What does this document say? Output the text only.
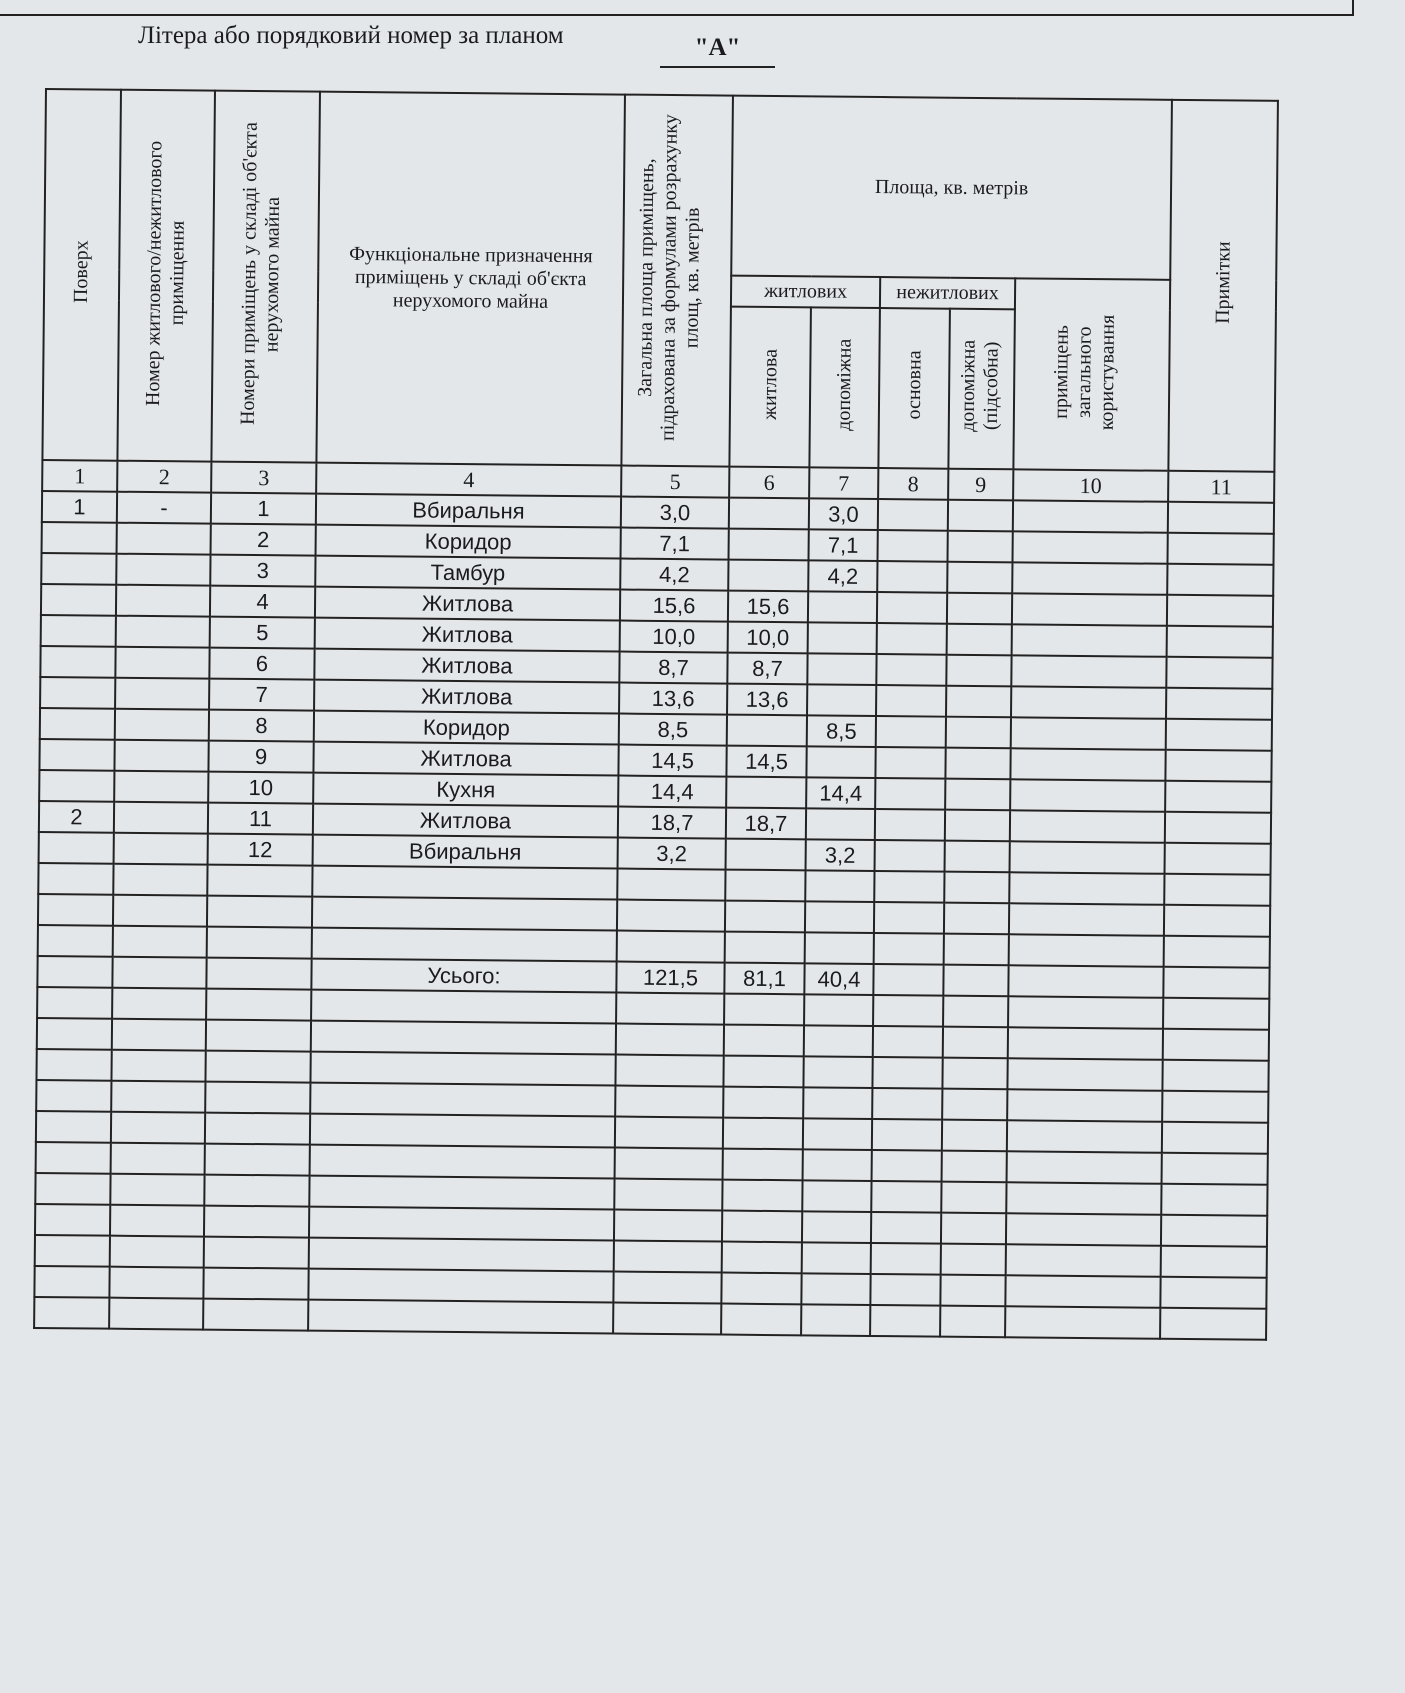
Літера або порядковий номер за планом	"А"
Поверх	Номер житлового/нежитлового приміщення	Номери приміщень у складі об'єкта нерухомого майна	Функціональне призначення приміщень у складі об'єкта нерухомого майна	Загальна площа приміщень, підрахована за формулами розрахунку площ, кв. метрів	Площа, кв. метрів					Примітки
					житлових		нежитлових		приміщень загального користування	
					житлова	допоміжна	основна	допоміжна (підсобна)		
1	2	3	4	5	6	7	8	9	10	11
1	-	1	Вбиральня	3,0		3,0				
		2	Коридор	7,1		7,1				
		3	Тамбур	4,2		4,2				
		4	Житлова	15,6	15,6					
		5	Житлова	10,0	10,0					
		6	Житлова	8,7	8,7					
		7	Житлова	13,6	13,6					
		8	Коридор	8,5		8,5				
		9	Житлова	14,5	14,5					
		10	Кухня	14,4		14,4				
2		11	Житлова	18,7	18,7					
		12	Вбиральня	3,2		3,2				

			Усього:	121,5	81,1	40,4				
